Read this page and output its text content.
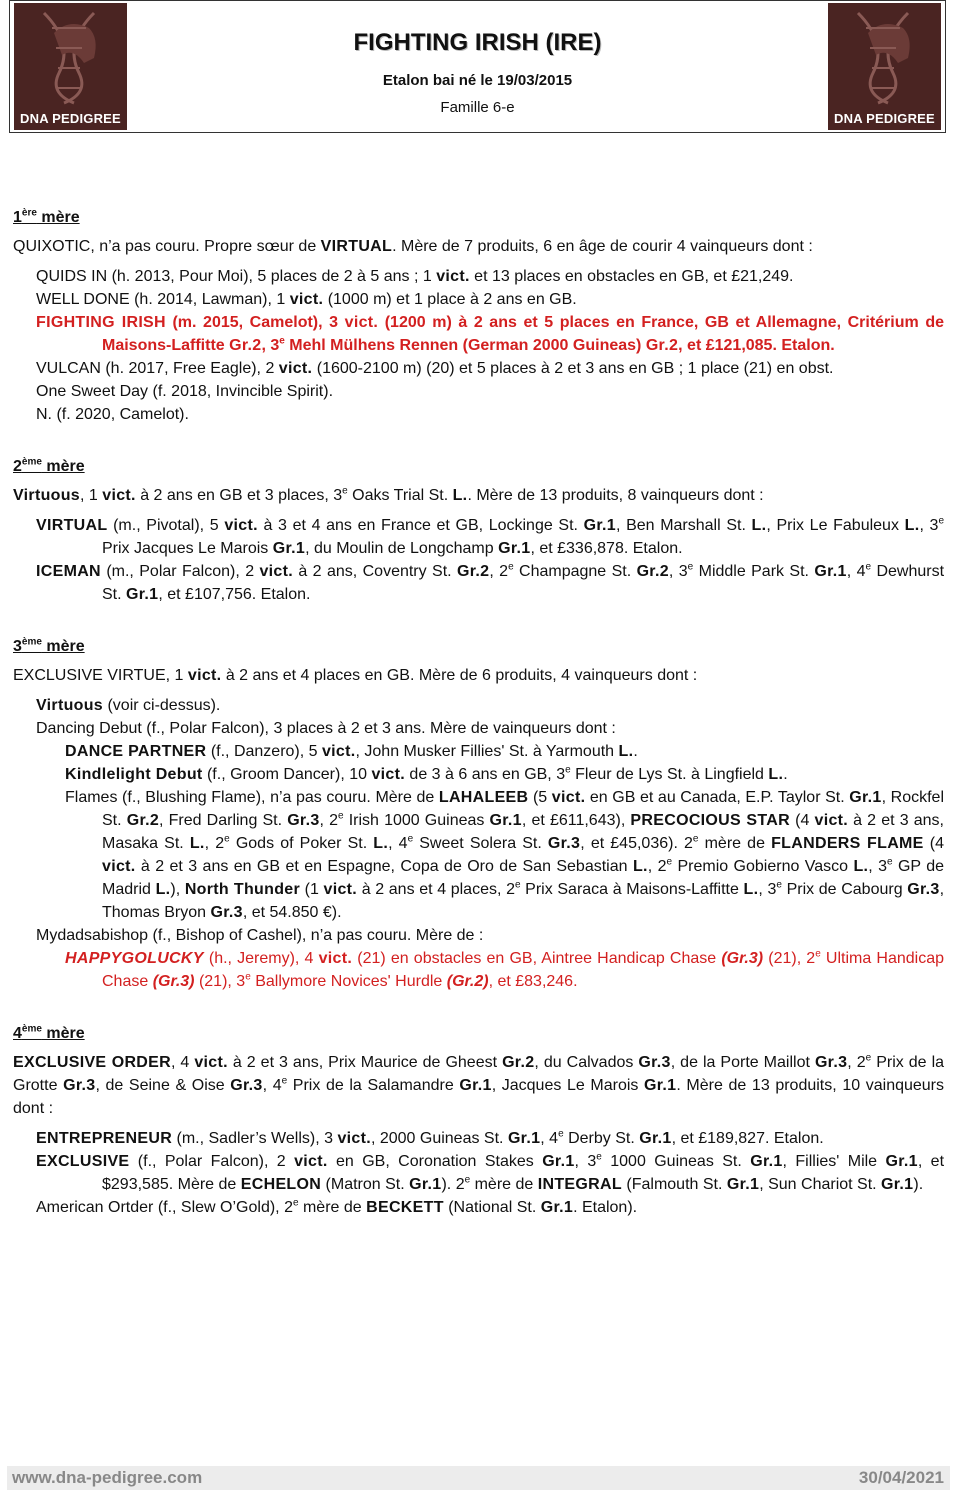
DNA PEDIGREE
FIGHTING IRISH (IRE)
Etalon bai né le 19/03/2015
Famille 6-e
DNA PEDIGREE
1ère mère
QUIXOTIC, n’a pas couru. Propre sœur de VIRTUAL. Mère de 7 produits, 6 en âge de courir 4 vainqueurs dont :
QUIDS IN (h. 2013, Pour Moi), 5 places de 2 à 5 ans ; 1 vict. et 13 places en obstacles en GB, et £21,249.
WELL DONE (h. 2014, Lawman), 1 vict. (1000 m) et 1 place à 2 ans en GB.
FIGHTING IRISH (m. 2015, Camelot), 3 vict. (1200 m) à 2 ans et 5 places en France, GB et Allemagne, Critérium de Maisons-Laffitte Gr.2, 3e Mehl Mülhens Rennen (German 2000 Guineas) Gr.2, et £121,085. Etalon.
VULCAN (h. 2017, Free Eagle), 2 vict. (1600-2100 m) (20) et 5 places à 2 et 3 ans en GB ; 1 place (21) en obst.
One Sweet Day (f. 2018, Invincible Spirit).
N. (f. 2020, Camelot).
2ème mère
Virtuous, 1 vict. à 2 ans en GB et 3 places, 3e Oaks Trial St. L.. Mère de 13 produits, 8 vainqueurs dont :
VIRTUAL (m., Pivotal), 5 vict. à 3 et 4 ans en France et GB, Lockinge St. Gr.1, Ben Marshall St. L., Prix Le Fabuleux L., 3e Prix Jacques Le Marois Gr.1, du Moulin de Longchamp Gr.1, et £336,878. Etalon.
ICEMAN (m., Polar Falcon), 2 vict. à 2 ans, Coventry St. Gr.2, 2e Champagne St. Gr.2, 3e Middle Park St. Gr.1, 4e Dewhurst St. Gr.1, et £107,756. Etalon.
3ème mère
EXCLUSIVE VIRTUE, 1 vict. à 2 ans et 4 places en GB. Mère de 6 produits, 4 vainqueurs dont :
Virtuous (voir ci-dessus).
Dancing Debut (f., Polar Falcon), 3 places à 2 et 3 ans. Mère de vainqueurs dont :
DANCE PARTNER (f., Danzero), 5 vict., John Musker Fillies' St. à Yarmouth L..
Kindlelight Debut (f., Groom Dancer), 10 vict. de 3 à 6 ans en GB, 3e Fleur de Lys St. à Lingfield L..
Flames (f., Blushing Flame), n’a pas couru. Mère de LAHALEEB (5 vict. en GB et au Canada, E.P. Taylor St. Gr.1, Rockfel St. Gr.2, Fred Darling St. Gr.3, 2e Irish 1000 Guineas Gr.1, et £611,643), PRECOCIOUS STAR (4 vict. à 2 et 3 ans, Masaka St. L., 2e Gods of Poker St. L., 4e Sweet Solera St. Gr.3, et £45,036). 2e mère de FLANDERS FLAME (4 vict. à 2 et 3 ans en GB et en Espagne, Copa de Oro de San Sebastian L., 2e Premio Gobierno Vasco L., 3e GP de Madrid L.), North Thunder (1 vict. à 2 ans et 4 places, 2e Prix Saraca à Maisons-Laffitte L., 3e Prix de Cabourg Gr.3, Thomas Bryon Gr.3, et 54.850 €).
Mydadsabishop (f., Bishop of Cashel), n’a pas couru. Mère de :
HAPPYGOLUCKY (h., Jeremy), 4 vict. (21) en obstacles en GB, Aintree Handicap Chase (Gr.3) (21), 2e Ultima Handicap Chase (Gr.3) (21), 3e Ballymore Novices' Hurdle (Gr.2), et £83,246.
4ème mère
EXCLUSIVE ORDER, 4 vict. à 2 et 3 ans, Prix Maurice de Gheest Gr.2, du Calvados Gr.3, de la Porte Maillot Gr.3, 2e Prix de la Grotte Gr.3, de Seine & Oise Gr.3, 4e Prix de la Salamandre Gr.1, Jacques Le Marois Gr.1. Mère de 13 produits, 10 vainqueurs dont :
ENTREPRENEUR (m., Sadler’s Wells), 3 vict., 2000 Guineas St. Gr.1, 4e Derby St. Gr.1, et £189,827. Etalon.
EXCLUSIVE (f., Polar Falcon), 2 vict. en GB, Coronation Stakes Gr.1, 3e 1000 Guineas St. Gr.1, Fillies' Mile Gr.1, et $293,585. Mère de ECHELON (Matron St. Gr.1). 2e mère de INTEGRAL (Falmouth St. Gr.1, Sun Chariot St. Gr.1).
American Ortder (f., Slew O’Gold), 2e mère de BECKETT (National St. Gr.1. Etalon).
www.dna-pedigree.com	30/04/2021
